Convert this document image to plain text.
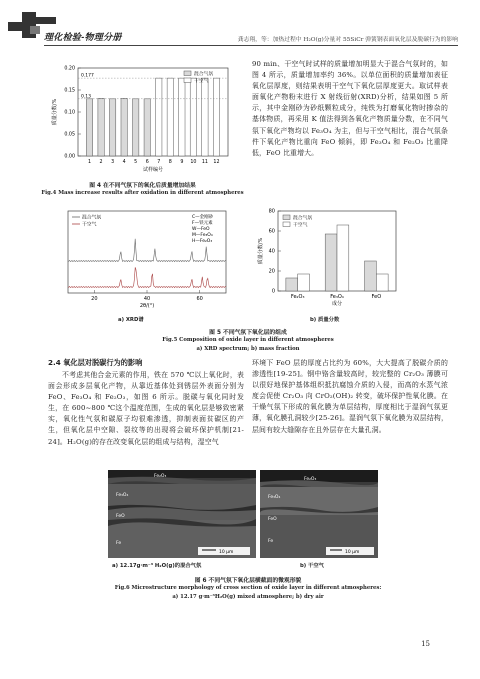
理化检验-物理分册	龚志翔，等：加热过程中 H₂O(g)分量对 55SiCr 弹簧钢表面氧化层及脱碳行为的影响
0.00
0.05
0.10
0.15
0.20
1 2 3 4 5 6 7 8 9 10 11 12
0.177
0.13
试样编号
质量分数/%
混合气氛
干空气
图 4 在不同气氛下的氧化后质量增加结果
Fig.4 Mass increase results after oxidation in different atmospheres
90 min、干空气时试样的质量增加明显大于混合气氛时的，如图 4 所示，质量增加率约 36%。以单位面积的质量增加表征氧化层厚度，则结果表明干空气下氧化层厚度更大。取试样表面氧化产物粉末进行 X 射线衍射(XRD)分析，结果如图 5 所示，其中金刚砂为砂纸颗粒成分，纯铁为打磨氧化物时掺杂的基体物质，再采用 K 值法得到各氧化产物质量分数，在不同气氛下氧化产物均以 Fe₃O₄ 为主，但与干空气相比，混合气氛条件下氧化产物比重向 FeO 倾斜，即 Fe₃O₄ 和 Fe₂O₃ 比重降低，FeO 比重增大。
20	40	60
2θ/(°)
混合气氛
干空气
C—金刚砂
F—铁元素
W—FeO
M—Fe₃O₄
H—Fe₂O₃
0
20
40
60
80
Fe₂O₃	Fe₃O₄	FeO
成分
质量分数/%
混合气氛
干空气
a) XRD谱	b) 质量分数
图 5 不同气氛下氧化层的组成
Fig.5 Composition of oxide layer in different atmospheres
a) XRD spectrum; b) mass fraction
2.4 氧化层对脱碳行为的影响
不考虑其他合金元素的作用，铁在 570 ℃以上氧化时，表面会形成多层氧化产物，从靠近基体处到锈层外表面分别为 FeO、Fe₃O₄ 和 Fe₂O₃，如图 6 所示。脱碳与氧化同时发生，在 600~800 ℃这个温度范围，生成的氧化层是够致密紧实，氧化性气氛和碳原子均很难渗透，抑制表面贫碳区的产生，但氧化层中空隙、裂纹等的出现将会破坏保护机制[21-24]。H₂O(g)的存在改变氧化层的组成与结构，湿空气
环境下 FeO 层的厚度占比约为 60%，大大提高了脱碳介质的渗透性[19-25]。钢中铬含量较高时，较完整的 Cr₂O₃ 薄膜可以很好地保护基体组织抵抗腐蚀介质的入侵，而高的水蒸气浓度会促使 Cr₂O₃ 向 CrO₂(OH)₂ 转变，破坏保护性氧化膜。在干燥气氛下形成的氧化膜为单层结构，厚度相比于湿润气氛更薄，氧化膜孔洞较少[25-26]。湿润气氛下氧化膜为双层结构，层间有较大缝隙存在且外层存在大量孔洞。
Fe₂O₃
Fe₃O₄
FeO
Fe
10 μm
Fe₂O₃
Fe₃O₄
FeO
Fe
10 μm
a) 12.17g·m⁻³ H₂O(g)的混合气氛	b) 干空气
图 6 不同气氛下氧化层横截面的微观形貌
Fig.6 Microstructure morphology of cross section of oxide layer in different atmospheres:
a) 12.17 g·m⁻³H₂O(g) mixed atmosphere; b) dry air
15
